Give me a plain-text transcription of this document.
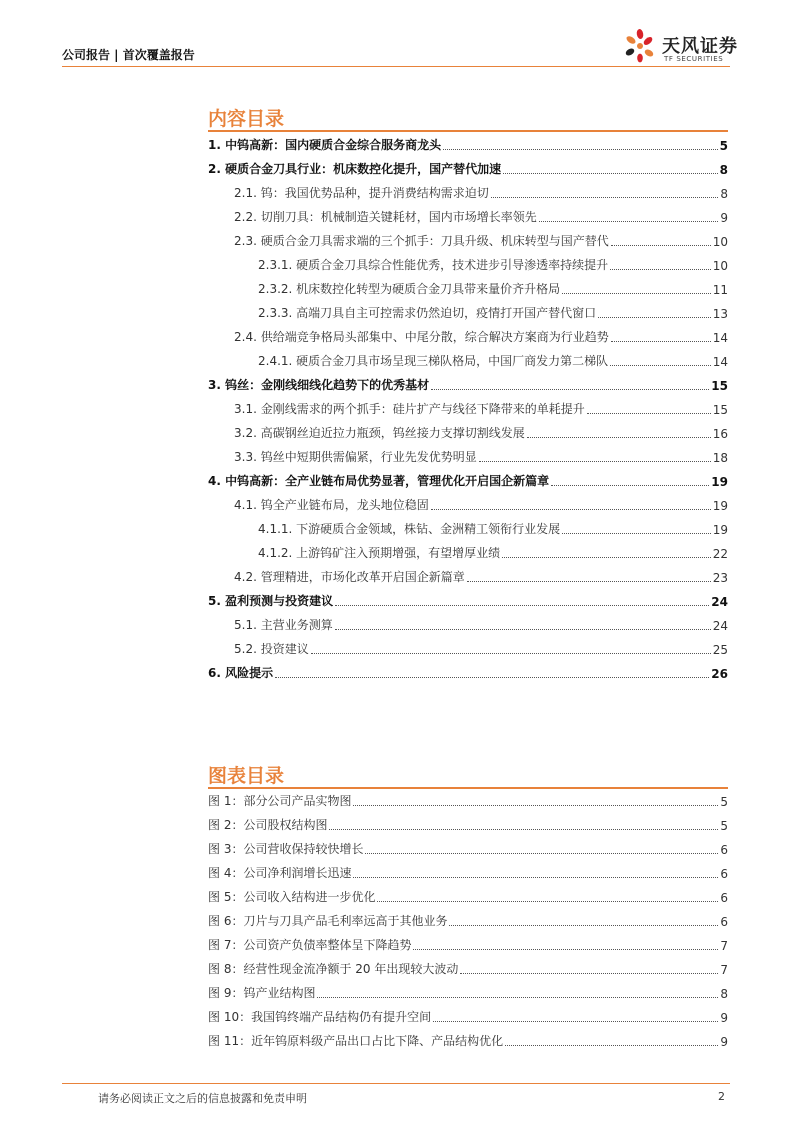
公司报告 | 首次覆盖报告	天风证券
TF SECURITIES
内容目录
1. 中钨高新：国内硬质合金综合服务商龙头	5
2. 硬质合金刀具行业：机床数控化提升，国产替代加速	8
2.1. 钨：我国优势品种，提升消费结构需求迫切	8
2.2. 切削刀具：机械制造关键耗材，国内市场增长率领先	9
2.3. 硬质合金刀具需求端的三个抓手：刀具升级、机床转型与国产替代	10
2.3.1. 硬质合金刀具综合性能优秀，技术进步引导渗透率持续提升	10
2.3.2. 机床数控化转型为硬质合金刀具带来量价齐升格局	11
2.3.3. 高端刀具自主可控需求仍然迫切，疫情打开国产替代窗口	13
2.4. 供给端竞争格局头部集中、中尾分散，综合解决方案商为行业趋势	14
2.4.1. 硬质合金刀具市场呈现三梯队格局，中国厂商发力第二梯队	14
3. 钨丝：金刚线细线化趋势下的优秀基材	15
3.1. 金刚线需求的两个抓手：硅片扩产与线径下降带来的单耗提升	15
3.2. 高碳钢丝迫近拉力瓶颈，钨丝接力支撑切割线发展	16
3.3. 钨丝中短期供需偏紧，行业先发优势明显	18
4. 中钨高新：全产业链布局优势显著，管理优化开启国企新篇章	19
4.1. 钨全产业链布局，龙头地位稳固	19
4.1.1. 下游硬质合金领域，株钻、金洲精工领衔行业发展	19
4.1.2. 上游钨矿注入预期增强，有望增厚业绩	22
4.2. 管理精进，市场化改革开启国企新篇章	23
5. 盈利预测与投资建议	24
5.1. 主营业务测算	24
5.2. 投资建议	25
6. 风险提示	26
图表目录
图 1：部分公司产品实物图	5
图 2：公司股权结构图	5
图 3：公司营收保持较快增长	6
图 4：公司净利润增长迅速	6
图 5：公司收入结构进一步优化	6
图 6：刀片与刀具产品毛利率远高于其他业务	6
图 7：公司资产负债率整体呈下降趋势	7
图 8：经营性现金流净额于 20 年出现较大波动	7
图 9：钨产业结构图	8
图 10：我国钨终端产品结构仍有提升空间	9
图 11：近年钨原料级产品出口占比下降、产品结构优化	9
请务必阅读正文之后的信息披露和免责申明	2
